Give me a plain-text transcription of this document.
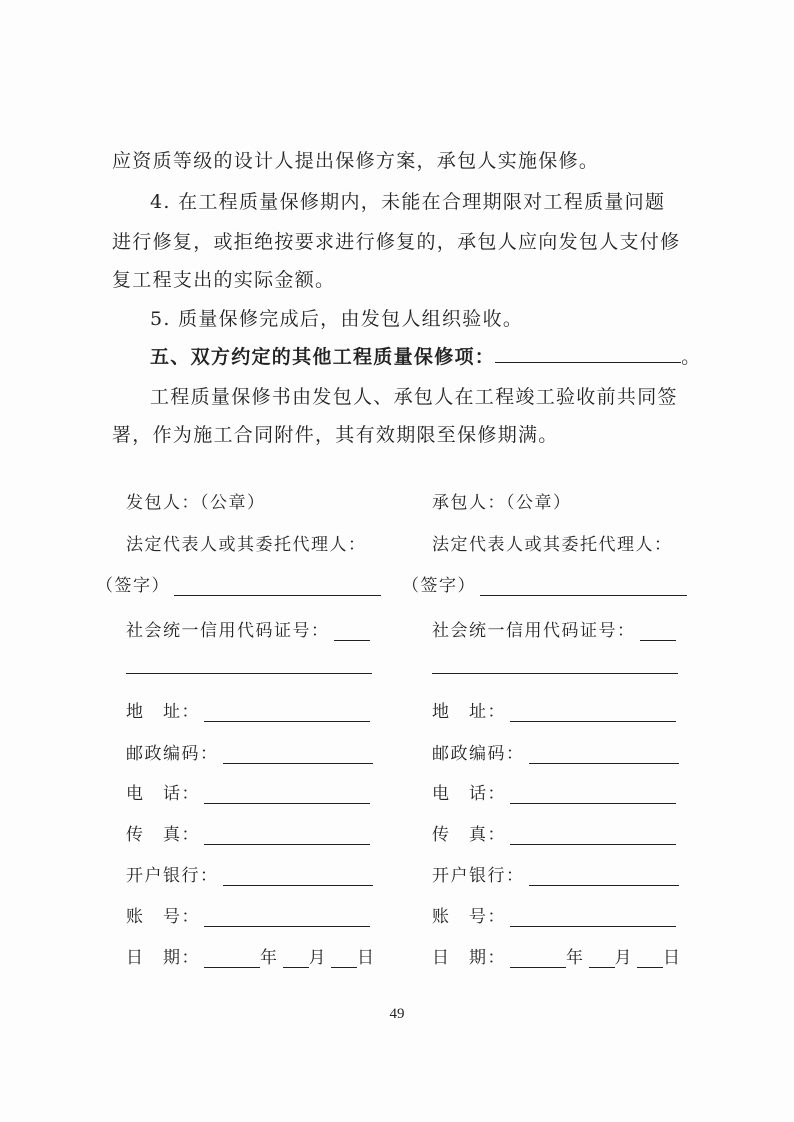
应资质等级的设计人提出保修方案，承包人实施保修。
4. 在工程质量保修期内，未能在合理期限对工程质量问题
进行修复，或拒绝按要求进行修复的，承包人应向发包人支付修
复工程支出的实际金额。
5. 质量保修完成后，由发包人组织验收。
五、双方约定的其他工程质量保修项：	。
工程质量保修书由发包人、承包人在工程竣工验收前共同签
署，作为施工合同附件，其有效期限至保修期满。
发包人：（公章）
法定代表人或其委托代理人：
（签字）
社会统一信用代码证号：
地　址：
邮政编码：
电　话：
传　真：
开户银行：
账　号：
日　期：	年 月 日
承包人：（公章）
法定代表人或其委托代理人：
（签字）
社会统一信用代码证号：
地　址：
邮政编码：
电　话：
传　真：
开户银行：
账　号：
日　期：	年 月 日
49
